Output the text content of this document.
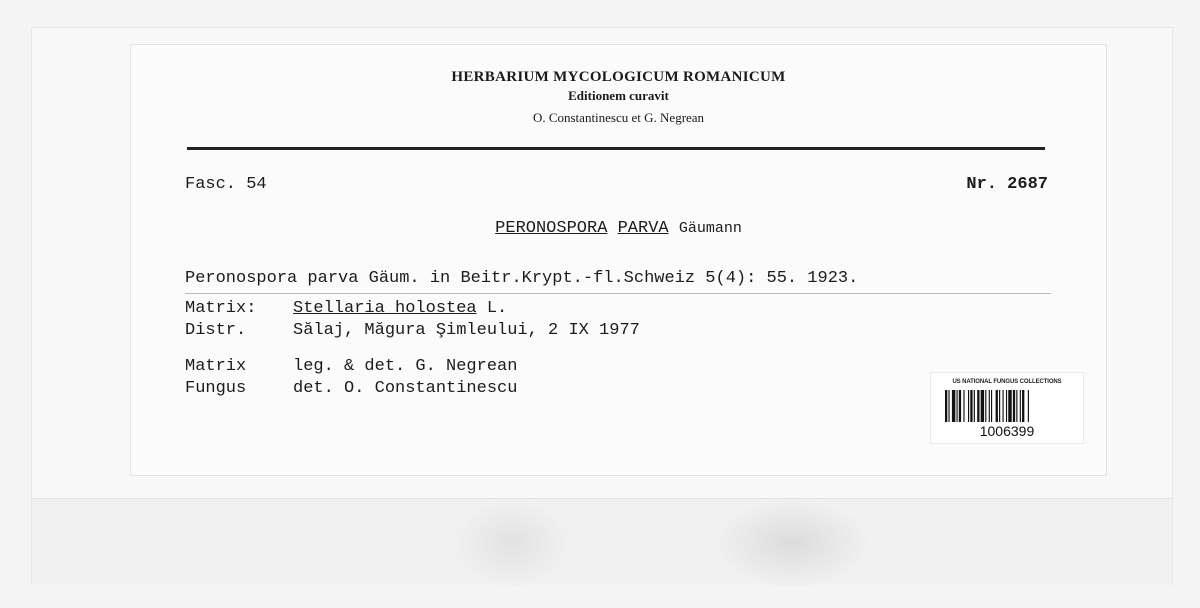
HERBARIUM MYCOLOGICUM ROMANICUM
Editionem curavit
O. Constantinescu et G. Negrean
Fasc. 54	Nr. 2687
PERONOSPORA PARVA Gäumann
Peronospora parva Gäum. in Beitr.Krypt.-fl.Schweiz 5(4): 55. 1923.
Matrix: Stellaria holostea L.
Distr.	Sălaj, Măgura Şimleului, 2 IX 1977
Matrix	leg. & det. G. Negrean
Fungus	det. O. Constantinescu	US NATIONAL FUNGUS COLLECTIONS
1006399
